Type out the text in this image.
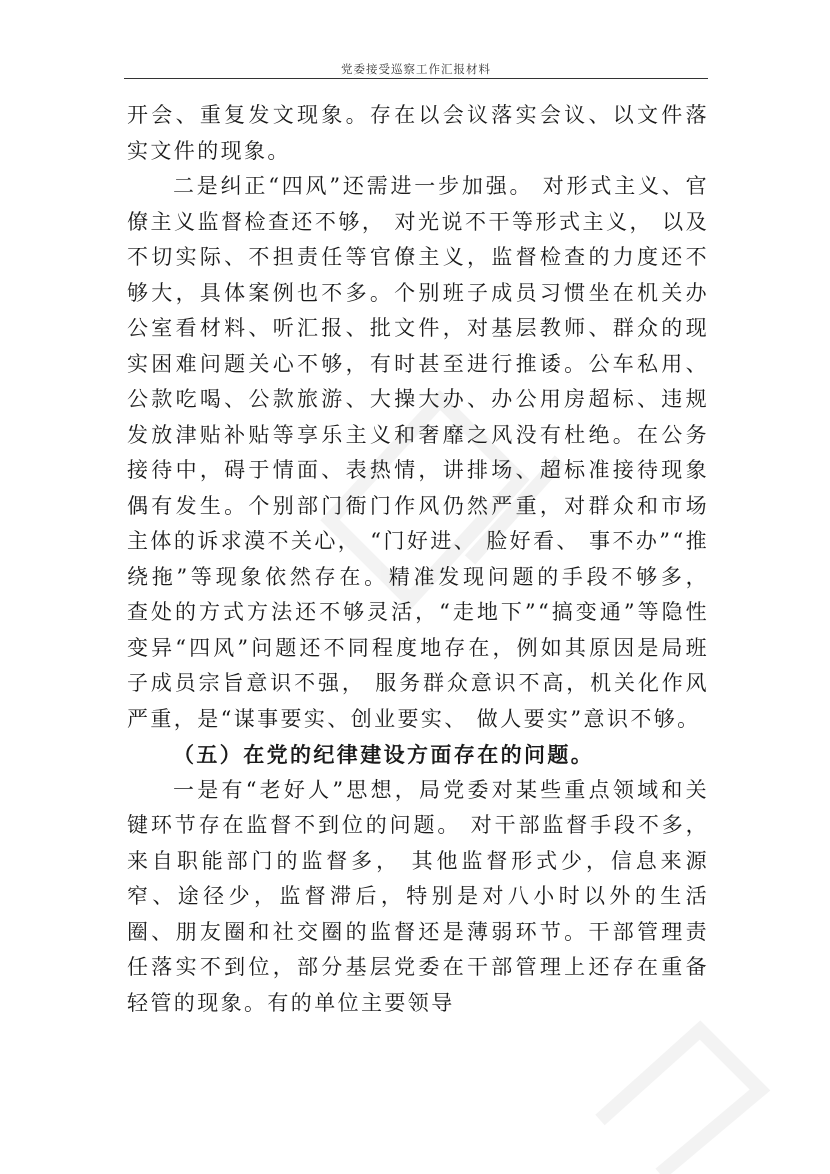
党委接受巡察工作汇报材料

开会、重复发文现象。存在以会议落实会议、以文件落实文件的现象。

二是纠正“四风”还需进一步加强。 对形式主义、官僚主义监督检查还不够， 对光说不干等形式主义， 以及不切实际、不担责任等官僚主义，监督检查的力度还不够大，具体案例也不多。个别班子成员习惯坐在机关办公室看材料、听汇报、批文件，对基层教师、群众的现实困难问题关心不够，有时甚至进行推诿。公车私用、公款吃喝、公款旅游、大操大办、办公用房超标、违规发放津贴补贴等享乐主义和奢靡之风没有杜绝。在公务接待中，碍于情面、表热情，讲排场、超标准接待现象偶有发生。个别部门衙门作风仍然严重，对群众和市场主体的诉求漠不关心， “门好进、 脸好看、 事不办”“推绕拖”等现象依然存在。精准发现问题的手段不够多， 查处的方式方法还不够灵活，“走地下”“搞变通”等隐性变异“四风”问题还不同程度地存在，例如其原因是局班子成员宗旨意识不强， 服务群众意识不高，机关化作风严重，是“谋事要实、创业要实、 做人要实”意识不够。

（五）在党的纪律建设方面存在的问题。

一是有“老好人”思想，局党委对某些重点领域和关键环节存在监督不到位的问题。 对干部监督手段不多， 来自职能部门的监督多， 其他监督形式少，信息来源窄、途径少，监督滞后，特别是对八小时以外的生活圈、朋友圈和社交圈的监督还是薄弱环节。干部管理责任落实不到位，部分基层党委在干部管理上还存在重备轻管的现象。有的单位主要领导
